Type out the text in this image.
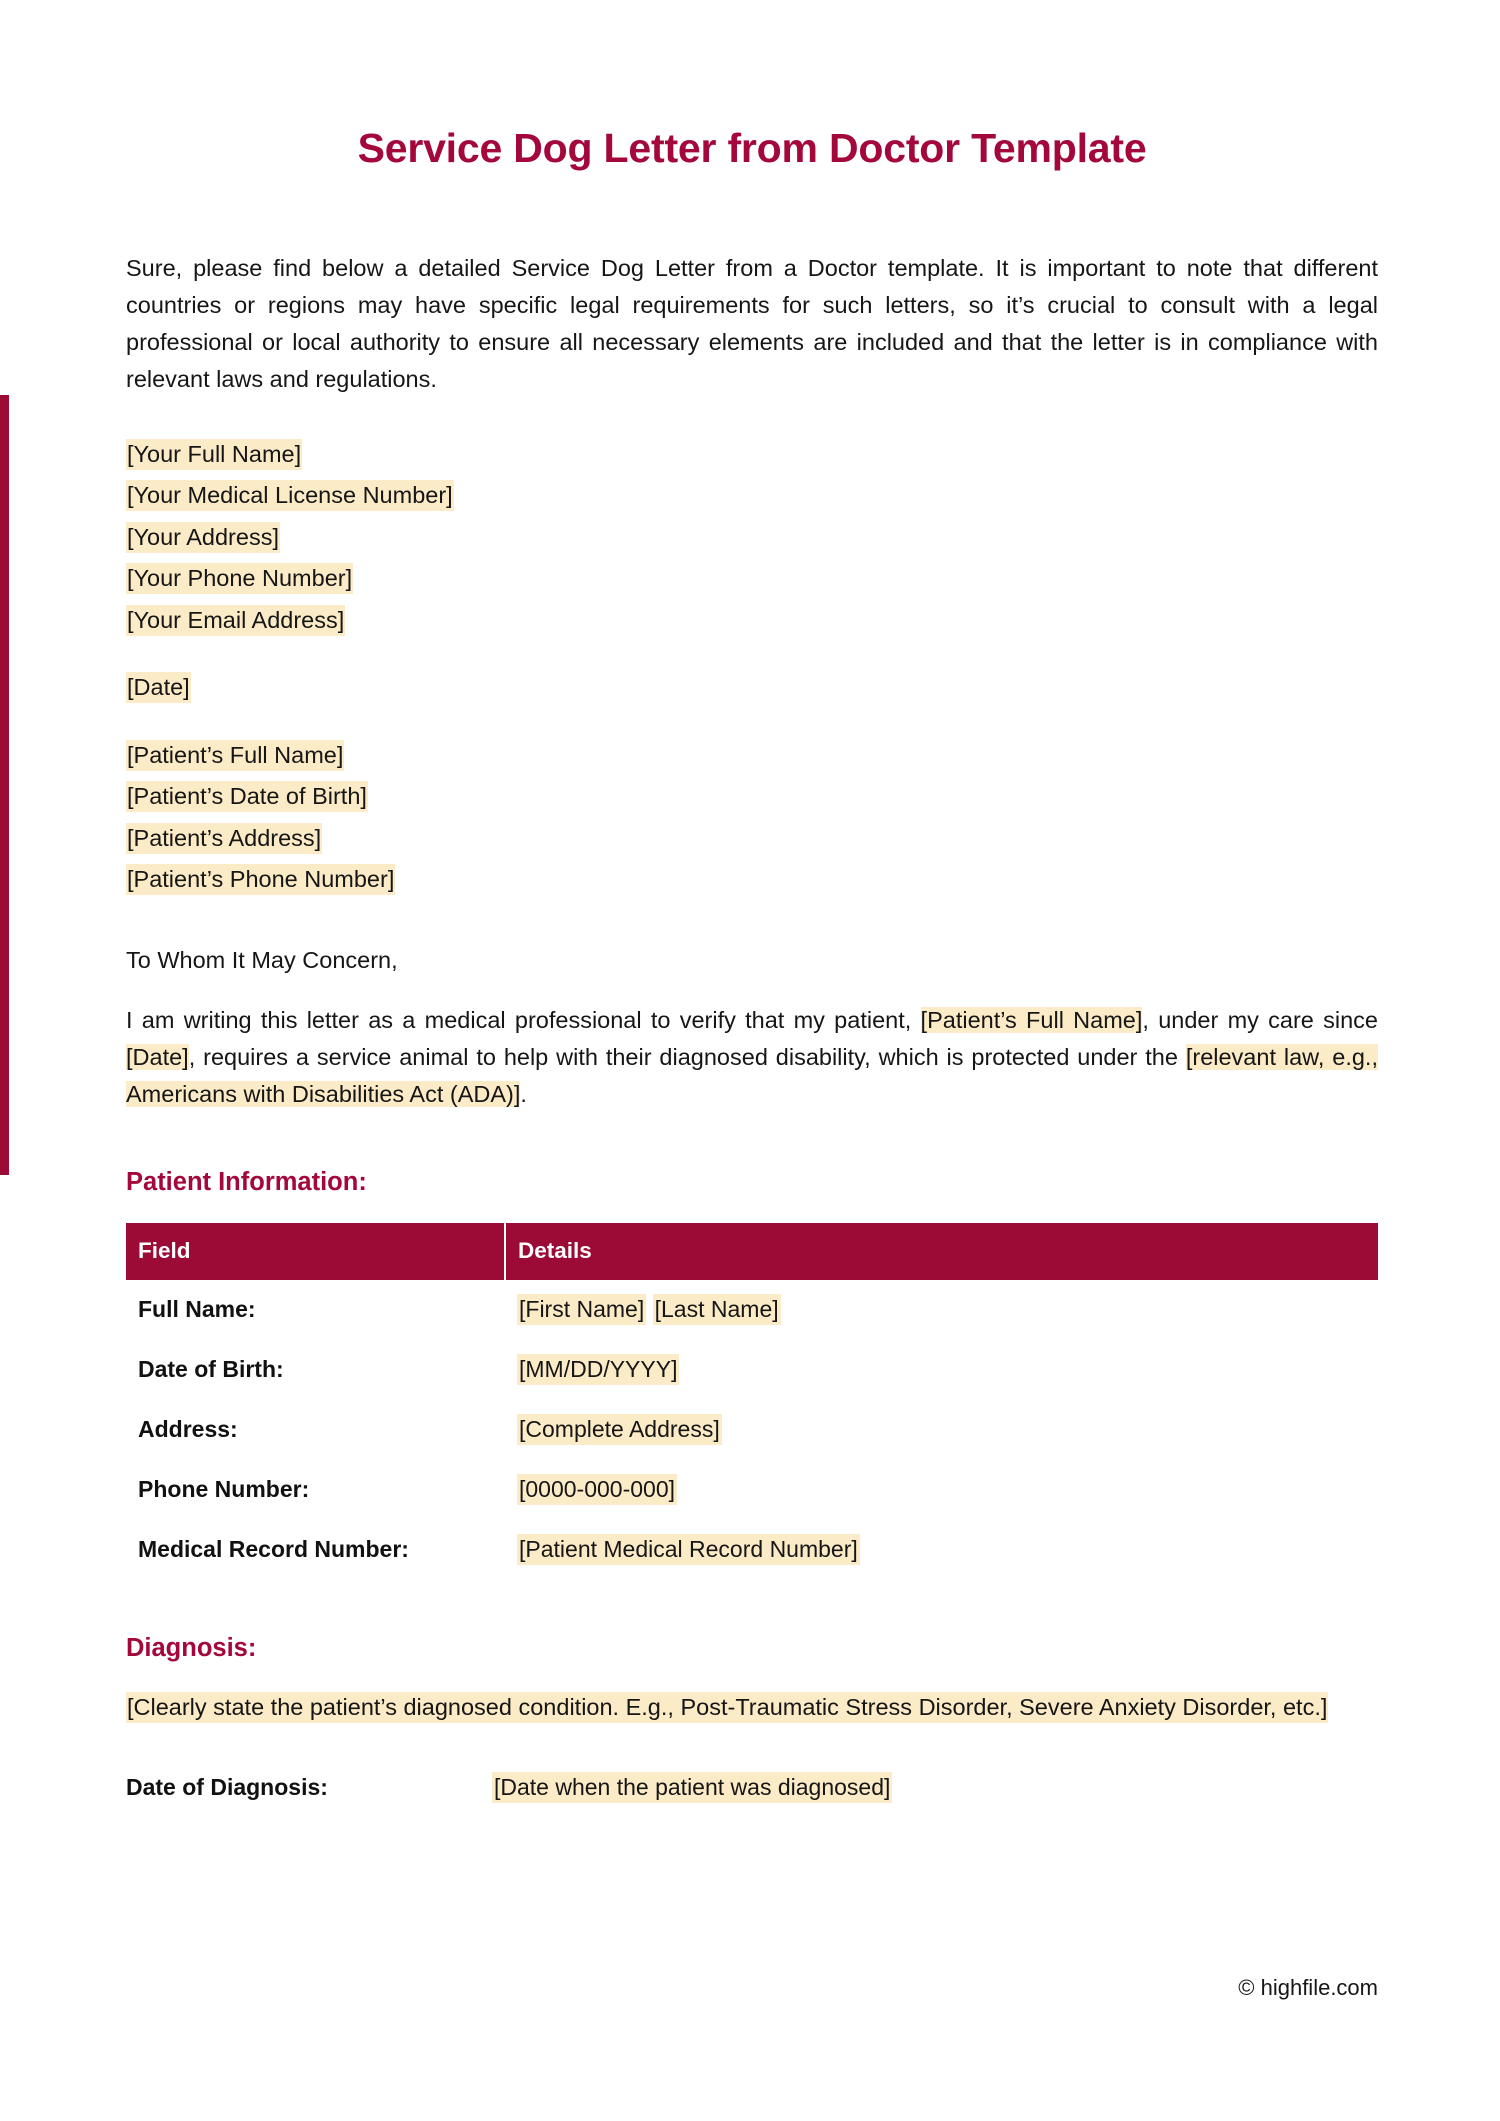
Service Dog Letter from Doctor Template

Sure, please find below a detailed Service Dog Letter from a Doctor template. It is important to note that different countries or regions may have specific legal requirements for such letters, so it’s crucial to consult with a legal professional or local authority to ensure all necessary elements are included and that the letter is in compliance with relevant laws and regulations.

[Your Full Name]
[Your Medical License Number]
[Your Address]
[Your Phone Number]
[Your Email Address]
[Date]
[Patient’s Full Name]
[Patient’s Date of Birth]
[Patient’s Address]
[Patient’s Phone Number]

To Whom It May Concern,

I am writing this letter as a medical professional to verify that my patient, [Patient’s Full Name], under my care since [Date], requires a service animal to help with their diagnosed disability, which is protected under the [relevant law, e.g., Americans with Disabilities Act (ADA)].

Patient Information:
Field	Details
Full Name:	[First Name] [Last Name]
Date of Birth:	[MM/DD/YYYY]
Address:	[Complete Address]
Phone Number:	[0000-000-000]
Medical Record Number:	[Patient Medical Record Number]
Diagnosis:

[Clearly state the patient’s diagnosed condition. E.g., Post-Traumatic Stress Disorder, Severe Anxiety Disorder, etc.]

Date of Diagnosis:	[Date when the patient was diagnosed]
© highfile.com
